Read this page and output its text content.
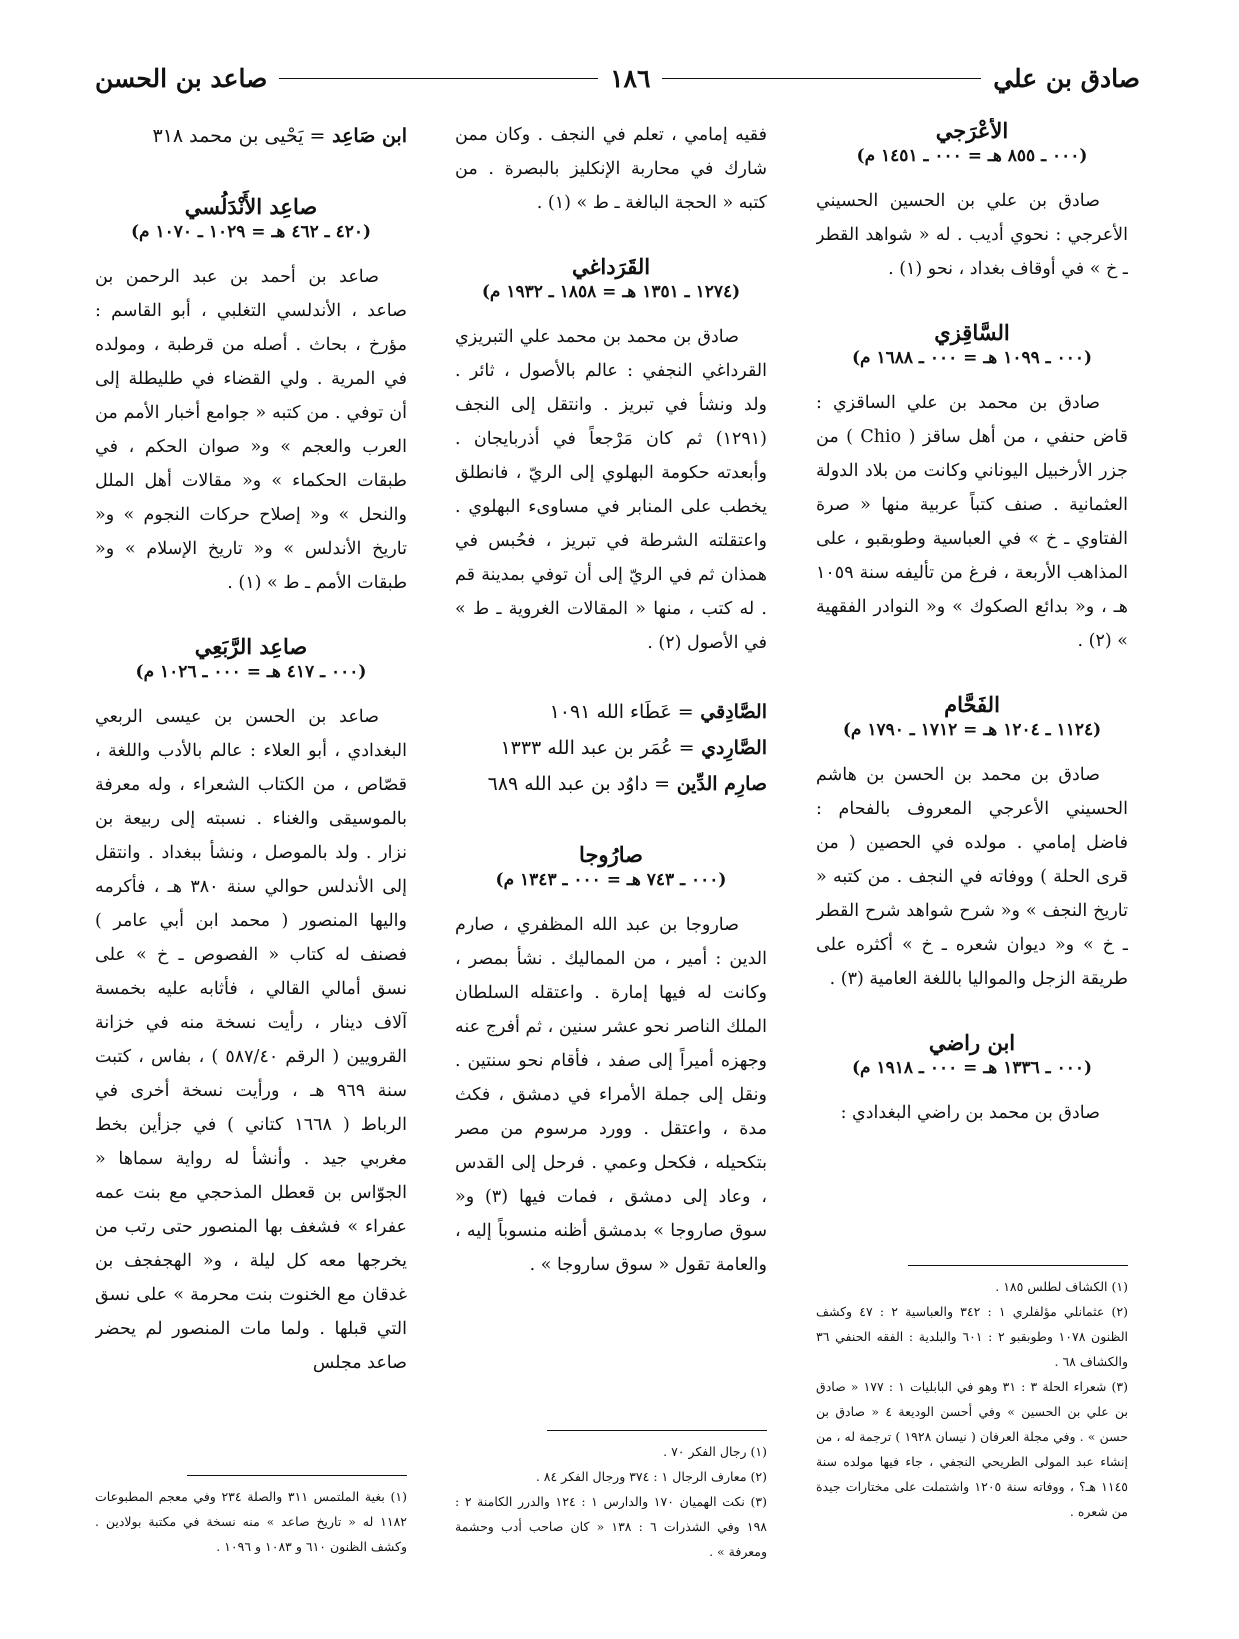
صادق بن علي
١٨٦
صاعد بن الحسن
الأَعْرَجي
(٠٠٠ ـ ٨٥٥ هـ = ٠٠٠ ـ ١٤٥١ م)
صادق بن علي بن الحسين الحسيني الأعرجي : نحوي أديب . له « شواهد القطر ـ خ » في أوقاف بغداد ، نحو (١) .
السَّاقِزي
(٠٠٠ ـ ١٠٩٩ هـ = ٠٠٠ ـ ١٦٨٨ م)
صادق بن محمد بن علي الساقزي : قاض حنفي ، من أهل ساقز ( Chio ) من جزر الأرخبيل اليوناني وكانت من بلاد الدولة العثمانية . صنف كتباً عربية منها « صرة الفتاوي ـ خ » في العباسية وطوبقبو ، على المذاهب الأربعة ، فرغ من تأليفه سنة ١٠٥٩ هـ ، و« بدائع الصكوك » و« النوادر الفقهية » (٢) .
الفَحَّام
(١١٢٤ ـ ١٢٠٤ هـ = ١٧١٢ ـ ١٧٩٠ م)
صادق بن محمد بن الحسن بن هاشم الحسيني الأعرجي المعروف بالفحام : فاضل إمامي . مولده في الحصين ( من قرى الحلة ) ووفاته في النجف . من كتبه « تاريخ النجف » و« شرح شواهد شرح القطر ـ خ » و« ديوان شعره ـ خ » أكثره على طريقة الزجل والمواليا باللغة العامية (٣) .
ابن راضي
(٠٠٠ ـ ١٣٣٦ هـ = ٠٠٠ ـ ١٩١٨ م)
صادق بن محمد بن راضي البغدادي :
(١) الكشاف لطلس ١٨٥ .
(٢) عثمانلي مؤلفلري ١ : ٣٤٢ والعباسية ٢ : ٤٧ وكشف الظنون ١٠٧٨ وطوبقبو ٢ : ٦٠١ والبلدية : الفقه الحنفي ٣٦ والكشاف ٦٨ .
(٣) شعراء الحلة ٣ : ٣١ وهو في البابليات ١ : ١٧٧ « صادق بن علي بن الحسين » وفي أحسن الوديعة ٤ « صادق بن حسن » . وفي مجلة العرفان ( نيسان ١٩٢٨ ) ترجمة له ، من إنشاء عبد المولى الطريحي النجفي ، جاء فيها مولده سنة ١١٤٥ هـ؟ ، ووفاته سنة ١٢٠٥ واشتملت على مختارات جيدة من شعره .
فقيه إمامي ، تعلم في النجف . وكان ممن شارك في محاربة الإنكليز بالبصرة . من كتبه « الحجة البالغة ـ ط » (١) .
القَرَداغي
(١٢٧٤ ـ ١٣٥١ هـ = ١٨٥٨ ـ ١٩٣٢ م)
صادق بن محمد بن محمد علي التبريزي القرداغي النجفي : عالم بالأصول ، ثائر . ولد ونشأ في تبريز . وانتقل إلى النجف (١٢٩١) ثم كان مَرْجعاً في أذربايجان . وأبعدته حكومة البهلوي إلى الريّ ، فانطلق يخطب على المنابر في مساوىء البهلوي . واعتقلته الشرطة في تبريز ، فحُبس في همذان ثم في الريّ إلى أن توفي بمدينة قم . له كتب ، منها « المقالات الغروية ـ ط » في الأصول (٢) .
الصَّادِقي = عَطَاء الله ١٠٩١
الصَّارِدي = عُمَر بن عبد الله ١٣٣٣
صارِم الدِّين = داوُد بن عبد الله ٦٨٩
صارُوجا
(٠٠٠ ـ ٧٤٣ هـ = ٠٠٠ ـ ١٣٤٣ م)
صاروجا بن عبد الله المظفري ، صارم الدين : أمير ، من المماليك . نشأ بمصر ، وكانت له فيها إمارة . واعتقله السلطان الملك الناصر نحو عشر سنين ، ثم أفرج عنه وجهزه أميراً إلى صفد ، فأقام نحو سنتين . ونقل إلى جملة الأمراء في دمشق ، فكث مدة ، واعتقل . وورد مرسوم من مصر بتكحيله ، فكحل وعمي . فرحل إلى القدس ، وعاد إلى دمشق ، فمات فيها (٣) و« سوق صاروجا » بدمشق أظنه منسوباً إليه ، والعامة تقول « سوق ساروجا » .
(١) رجال الفكر ٧٠ .
(٢) معارف الرجال ١ : ٣٧٤ ورجال الفكر ٨٤ .
(٣) نكت الهميان ١٧٠ والدارس ١ : ١٢٤ والدرر الكامنة ٢ : ١٩٨ وفي الشذرات ٦ : ١٣٨ « كان صاحب أدب وحشمة ومعرفة » .
ابن صَاعِد = يَحْيى بن محمد ٣١٨
صاعِد الأَنْدَلُسي
(٤٢٠ ـ ٤٦٢ هـ = ١٠٢٩ ـ ١٠٧٠ م)
صاعد بن أحمد بن عبد الرحمن بن صاعد ، الأندلسي التغلبي ، أبو القاسم : مؤرخ ، بحاث . أصله من قرطبة ، ومولده في المرية . ولي القضاء في طليطلة إلى أن توفي . من كتبه « جوامع أخبار الأمم من العرب والعجم » و« صوان الحكم ، في طبقات الحكماء » و« مقالات أهل الملل والنحل » و« إصلاح حركات النجوم » و« تاريخ الأندلس » و« تاريخ الإسلام » و« طبقات الأمم ـ ط » (١) .
صاعِد الرَّبَعِي
(٠٠٠ ـ ٤١٧ هـ = ٠٠٠ ـ ١٠٢٦ م)
صاعد بن الحسن بن عيسى الربعي البغدادي ، أبو العلاء : عالم بالأدب واللغة ، قصّاص ، من الكتاب الشعراء ، وله معرفة بالموسيقى والغناء . نسبته إلى ربيعة بن نزار . ولد بالموصل ، ونشأ ببغداد . وانتقل إلى الأندلس حوالي سنة ٣٨٠ هـ ، فأكرمه واليها المنصور ( محمد ابن أبي عامر ) فصنف له كتاب « الفصوص ـ خ » على نسق أمالي القالي ، فأثابه عليه بخمسة آلاف دينار ، رأيت نسخة منه في خزانة القرويين ( الرقم ٥٨٧/٤٠ ) ، بفاس ، كتبت سنة ٩٦٩ هـ ، ورأيت نسخة أخرى في الرباط ( ١٦٦٨ كتاني ) في جزأين بخط مغربي جيد . وأنشأ له رواية سماها « الجوّاس بن قعطل المذحجي مع بنت عمه عفراء » فشغف بها المنصور حتى رتب من يخرجها معه كل ليلة ، و« الهجفجف بن غدقان مع الخنوت بنت محرمة » على نسق التي قبلها . ولما مات المنصور لم يحضر صاعد مجلس
(١) بغية الملتمس ٣١١ والصلة ٢٣٤ وفي معجم المطبوعات ١١٨٢ له « تاريخ صاعد » منه نسخة في مكتبة بولادين . وكشف الظنون ٦١٠ و ١٠٨٣ و ١٠٩٦ .
